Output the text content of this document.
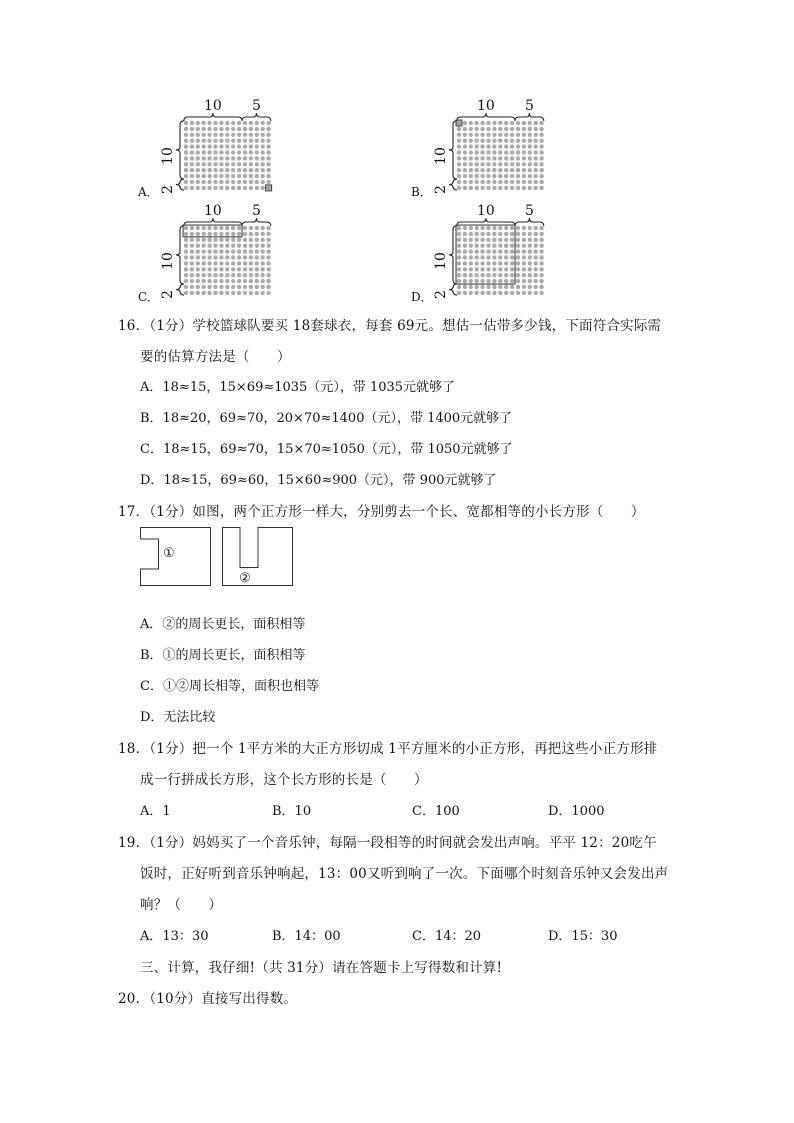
10 5
10
2
A．
10 5
10
2
B．
10 5
10
2
C．
10 5
10
2
D．
16．（1分）学校篮球队要买 18套球衣，每套 69元。想估一估带多少钱，下面符合实际需
要的估算方法是（　　）
A．18≈15，15×69≈1035（元），带 1035元就够了
B．18≈20，69≈70，20×70≈1400（元），带 1400元就够了
C．18≈15，69≈70，15×70≈1050（元），带 1050元就够了
D．18≈15，69≈60，15×60≈900（元），带 900元就够了
17．（1分）如图，两个正方形一样大，分别剪去一个长、宽都相等的小长方形（　　）
①
②
A．②的周长更长，面积相等
B．①的周长更长，面积相等
C．①②周长相等，面积也相等
D．无法比较
18．（1分）把一个 1平方米的大正方形切成 1平方厘米的小正方形，再把这些小正方形排
成一行拼成长方形，这个长方形的长是（　　）
A．1	B．10	C．100	D．1000
19．（1分）妈妈买了一个音乐钟，每隔一段相等的时间就会发出声响。平平 12：20吃午
饭时，正好听到音乐钟响起，13：00又听到响了一次。下面哪个时刻音乐钟又会发出声
响？（　　）
A．13：30	B．14：00	C．14：20	D．15：30
三、计算，我仔细!（共 31分）请在答题卡上写得数和计算!
20．（10分）直接写出得数。
